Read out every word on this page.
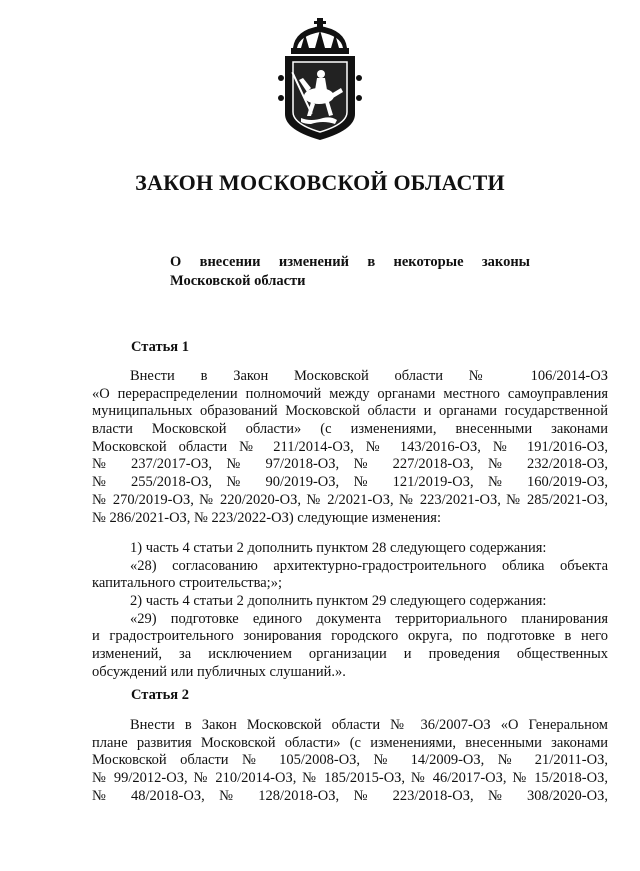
ЗАКОН МОСКОВСКОЙ ОБЛАСТИ
О внесении изменений в некоторые законы
Московской области
Статья 1
Внести в Закон Московской области № 106/2014-ОЗ
«О перераспределении полномочий между органами местного самоуправления
муниципальных образований Московской области и органами государственной
власти Московской области» (с изменениями, внесенными законами
Московской области № 211/2014-ОЗ, № 143/2016-ОЗ, № 191/2016-ОЗ,
№ 237/2017-ОЗ, № 97/2018-ОЗ, № 227/2018-ОЗ, № 232/2018-ОЗ,
№ 255/2018-ОЗ, № 90/2019-ОЗ, № 121/2019-ОЗ, № 160/2019-ОЗ,
№ 270/2019-ОЗ, № 220/2020-ОЗ, № 2/2021-ОЗ, № 223/2021-ОЗ, № 285/2021-ОЗ,
№ 286/2021-ОЗ, № 223/2022-ОЗ) следующие изменения:
1) часть 4 статьи 2 дополнить пунктом 28 следующего содержания:
«28) согласованию архитектурно-градостроительного облика объекта
капитального строительства;»;
2) часть 4 статьи 2 дополнить пунктом 29 следующего содержания:
«29) подготовке единого документа территориального планирования
и градостроительного зонирования городского округа, по подготовке в него
изменений, за исключением организации и проведения общественных
обсуждений или публичных слушаний.».
Статья 2
Внести в Закон Московской области № 36/2007-ОЗ «О Генеральном
плане развития Московской области» (с изменениями, внесенными законами
Московской области № 105/2008-ОЗ, № 14/2009-ОЗ, № 21/2011-ОЗ,
№ 99/2012-ОЗ, № 210/2014-ОЗ, № 185/2015-ОЗ, № 46/2017-ОЗ, № 15/2018-ОЗ,
№ 48/2018-ОЗ, № 128/2018-ОЗ, № 223/2018-ОЗ, № 308/2020-ОЗ,
